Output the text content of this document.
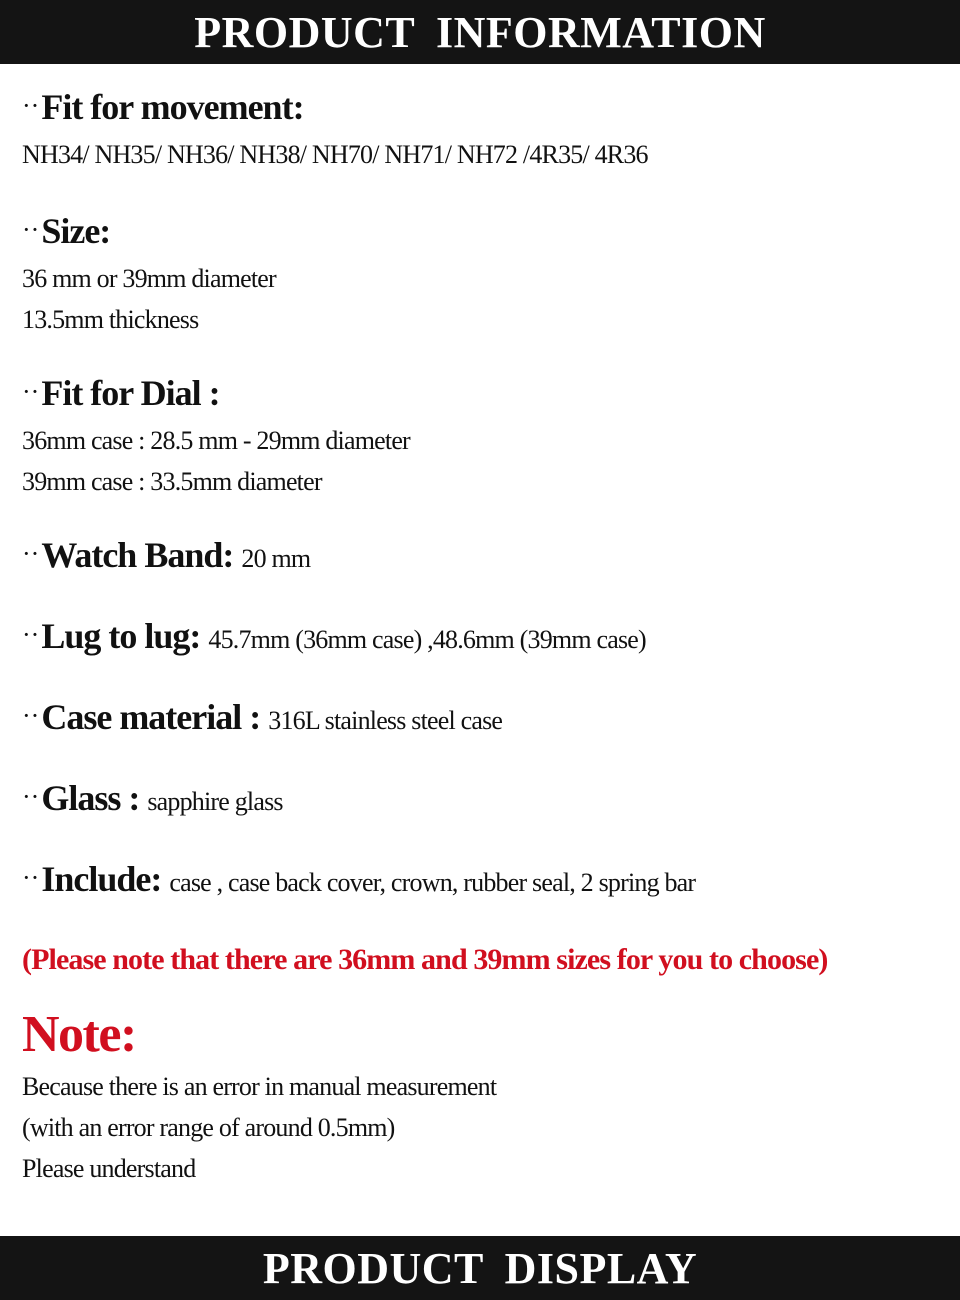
PRODUCT INFORMATION
··Fit for movement:
NH34/ NH35/ NH36/ NH38/ NH70/ NH71/ NH72 /4R35/ 4R36
··Size:
36 mm or 39mm diameter
13.5mm thickness
··Fit for Dial :
36mm case : 28.5 mm - 29mm diameter
39mm case : 33.5mm diameter
··Watch Band: 20 mm
··Lug to lug: 45.7mm (36mm case) ,48.6mm (39mm case)
··Case material : 316L stainless steel case
··Glass : sapphire glass
··Include: case , case back cover, crown, rubber seal, 2 spring bar
(Please note that there are 36mm and 39mm sizes for you to choose)
Note:
Because there is an error in manual measurement
(with an error range of around 0.5mm)
Please understand
PRODUCT DISPLAY
